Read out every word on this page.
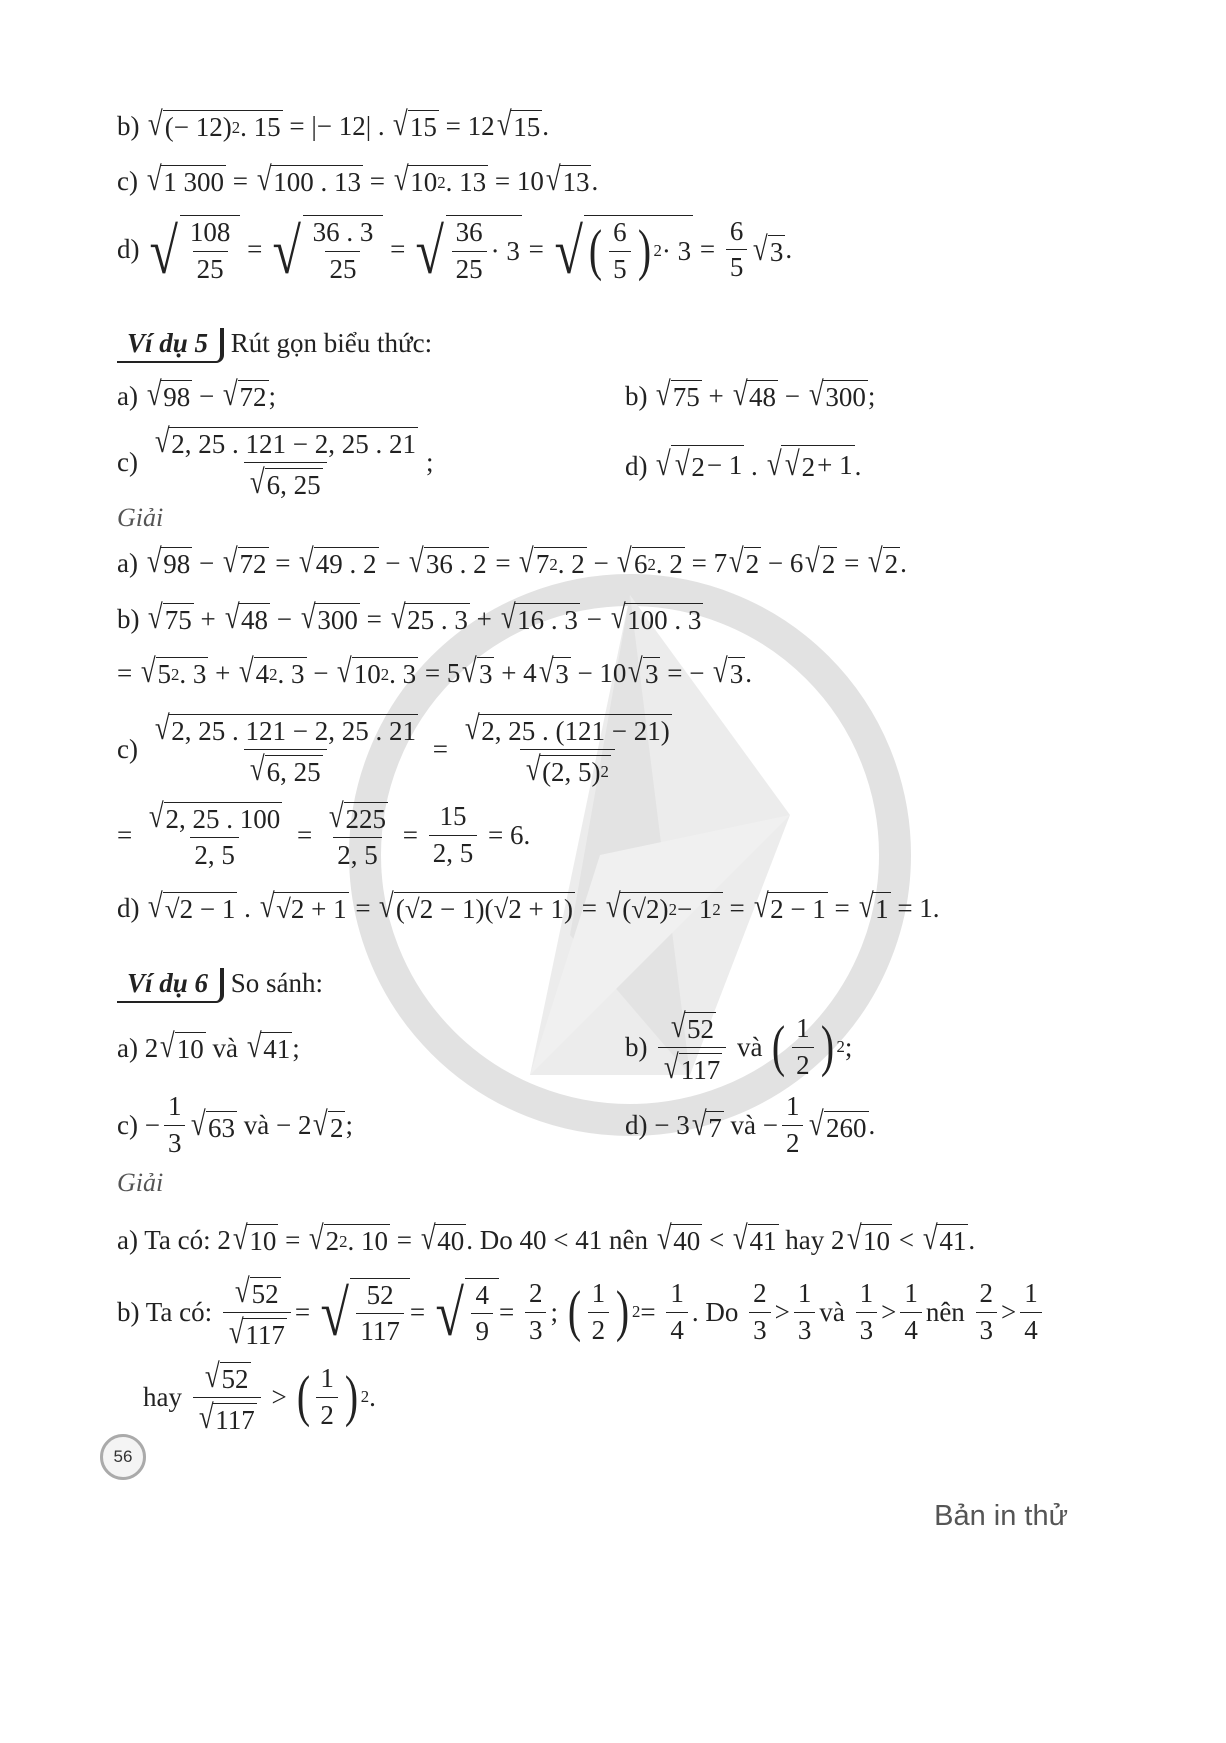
b) √ (− 12) 2 . 15 = |− 12| . √ 15 = 12 √ 15 .
c) √ 1 300 = √ 100 . 13 = √ 10 2 . 13 = 10 √ 13 .
d) √ $\frac{108}{25}$ = √ $\frac{36 . 3}{25}$ = √ $\frac{36}{25} \cdot 3$ = √ ( $\frac{6}{5}$ ) $2 \cdot 3 = \frac{6}{5}$ √ 3 .
Ví dụ 5 Rút gọn biểu thức:
a) √ 98 − √ 72 ;	b) √ 75 + √ 48 − √ 300 ;
$c) \frac{√ 2, 25 . 121 - 2, 25 . 21}{√ 6, 25}$ ;	d) √ √ 2 − 1 . √ √ 2 + 1 .
Giải
a) √ 98 − √ 72 = √ 49 . 2 − √ 36 . 2 = √ 7 2 . 2 − √ 6 2 . 2 = 7 √ 2 − 6 √ 2 = √ 2 .
b) √ 75 + √ 48 − √ 300 = √ 25 . 3 + √ 16 . 3 − √ 100 . 3
= √ 5 2 . 3 + √ 4 2 . 3 − √ 10 2 . 3 = 5 √ 3 + 4 √ 3 − 10 √ 3 = − √ 3 .
$c) \frac{√ 2, 25 . 121 - 2, 25 . 21}{√ 6, 25} = \frac{√ 2, 25 . (121 - 21)}{√ (2, 5) 2}$
= $\frac{√ 2, 25 . 100}{2, 5} = \frac{√ 225}{2, 5} = \frac{15}{2, 5} = 6$.
d) √ √2 − 1 . √ √2 + 1 = √ (√2 − 1)(√2 + 1) = √ (√2) 2 − 1 2 = √ 2 − 1 = √ 1 = 1.
Ví dụ 6 So sánh:
a) 2 √ 10 và √ 41 ;	$b) \frac{√ 52}{√ 117}$ và ( $\frac{1}{2}$ ) 2 ;
$c) - \frac{1}{3}$ √ 63 và − 2 √ 2 ;	d) − 3 √ 7 và − $\frac{1}{2}$ √ 260 .
Giải
a) Ta có: 2 √ 10 = √ 2 2 . 10 = √ 40 . Do 40 < 41 nên √ 40 < √ 41 hay 2 √ 10 < √ 41 .
b) Ta có: $\frac{√ 52}{√ 117}$ = √ $\frac{52}{117}$ = √ $\frac{4}{9} = \frac{2}{3}$ ; ( $\frac{1}{2}$ ) $2 = \frac{1}{4}$ . Do $\frac{2}{3} > \frac{1}{3}$ và $\frac{1}{3} > \frac{1}{4}$ nên $\frac{2}{3} > \frac{1}{4}$
hay $\frac{√ 52}{√ 117}$ > ( $\frac{1}{2}$ ) 2 .
56
Bản in thử
